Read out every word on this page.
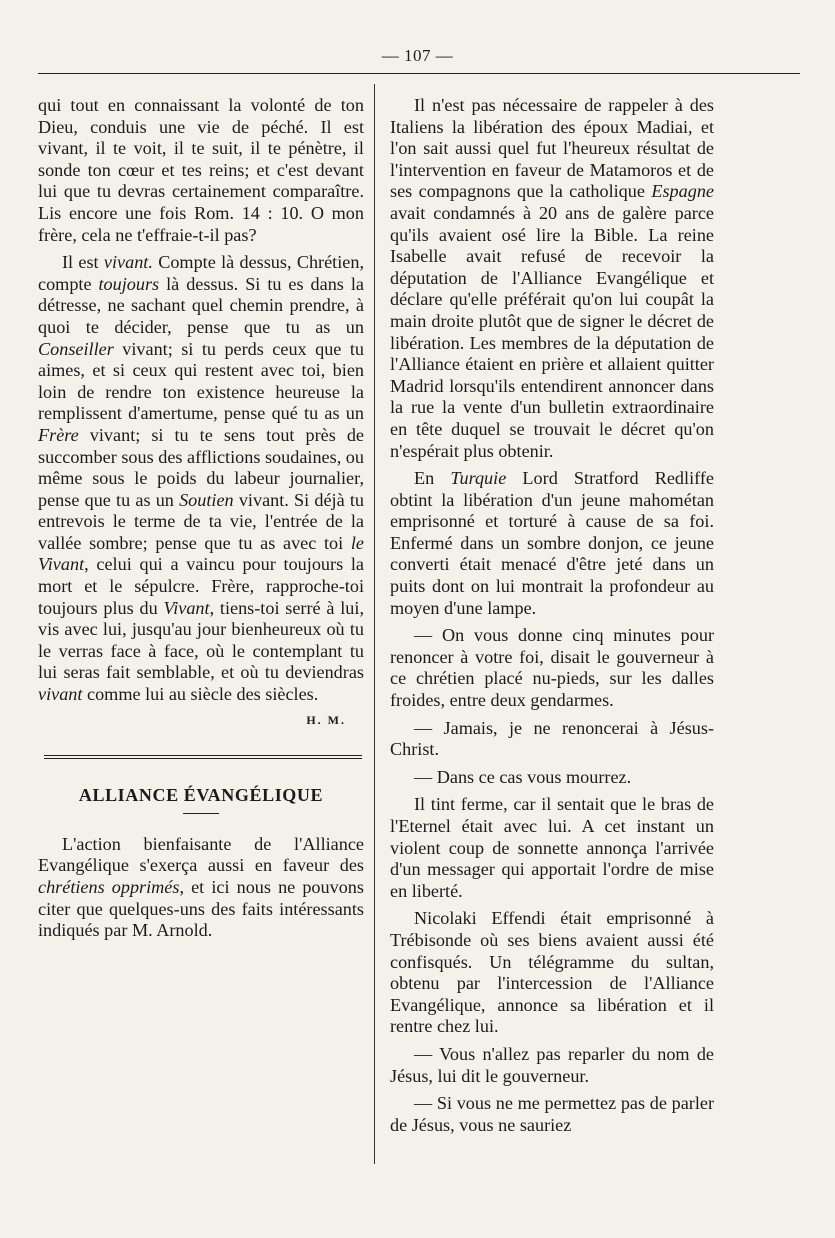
— 107 —

qui tout en connaissant la volonté de ton Dieu, conduis une vie de péché. Il est vivant, il te voit, il te suit, il te pénètre, il sonde ton cœur et tes reins; et c'est devant lui que tu devras certainement comparaître. Lis encore une fois Rom. 14 : 10. O mon frère, cela ne t'effraie-t-il pas?

Il est vivant. Compte là dessus, Chrétien, compte toujours là dessus. Si tu es dans la détresse, ne sachant quel chemin prendre, à quoi te décider, pense que tu as un Conseiller vivant; si tu perds ceux que tu aimes, et si ceux qui restent avec toi, bien loin de rendre ton existence heureuse la remplissent d'amertume, pense qué tu as un Frère vivant; si tu te sens tout près de succomber sous des afflictions soudaines, ou même sous le poids du labeur journalier, pense que tu as un Soutien vivant. Si déjà tu entrevois le terme de ta vie, l'entrée de la vallée sombre; pense que tu as avec toi le Vivant, celui qui a vaincu pour toujours la mort et le sépulcre. Frère, rapproche-toi toujours plus du Vivant, tiens-toi serré à lui, vis avec lui, jusqu'au jour bienheureux où tu le verras face à face, où le contemplant tu lui seras fait semblable, et où tu deviendras vivant comme lui au siècle des siècles.

H. M.
ALLIANCE ÉVANGÉLIQUE

L'action bienfaisante de l'Alliance Evangélique s'exerça aussi en faveur des chrétiens opprimés, et ici nous ne pouvons citer que quelques-uns des faits intéressants indiqués par M. Arnold.

Il n'est pas nécessaire de rappeler à des Italiens la libération des époux Madiai, et l'on sait aussi quel fut l'heureux résultat de l'intervention en faveur de Matamoros et de ses compagnons que la catholique Espagne avait condamnés à 20 ans de galère parce qu'ils avaient osé lire la Bible. La reine Isabelle avait refusé de recevoir la députation de l'Alliance Evangélique et déclare qu'elle préférait qu'on lui coupât la main droite plutôt que de signer le décret de libération. Les membres de la députation de l'Alliance étaient en prière et allaient quitter Madrid lorsqu'ils entendirent annoncer dans la rue la vente d'un bulletin extraordinaire en tête duquel se trouvait le décret qu'on n'espérait plus obtenir.

En Turquie Lord Stratford Redliffe obtint la libération d'un jeune mahométan emprisonné et torturé à cause de sa foi. Enfermé dans un sombre donjon, ce jeune converti était menacé d'être jeté dans un puits dont on lui montrait la profondeur au moyen d'une lampe.

— On vous donne cinq minutes pour renoncer à votre foi, disait le gouverneur à ce chrétien placé nu-pieds, sur les dalles froides, entre deux gendarmes.

— Jamais, je ne renoncerai à Jésus-Christ.

— Dans ce cas vous mourrez.

Il tint ferme, car il sentait que le bras de l'Eternel était avec lui. A cet instant un violent coup de sonnette annonça l'arrivée d'un messager qui apportait l'ordre de mise en liberté.

Nicolaki Effendi était emprisonné à Trébisonde où ses biens avaient aussi été confisqués. Un télégramme du sultan, obtenu par l'intercession de l'Alliance Evangélique, annonce sa libération et il rentre chez lui.

— Vous n'allez pas reparler du nom de Jésus, lui dit le gouverneur.

— Si vous ne me permettez pas de parler de Jésus, vous ne sauriez
